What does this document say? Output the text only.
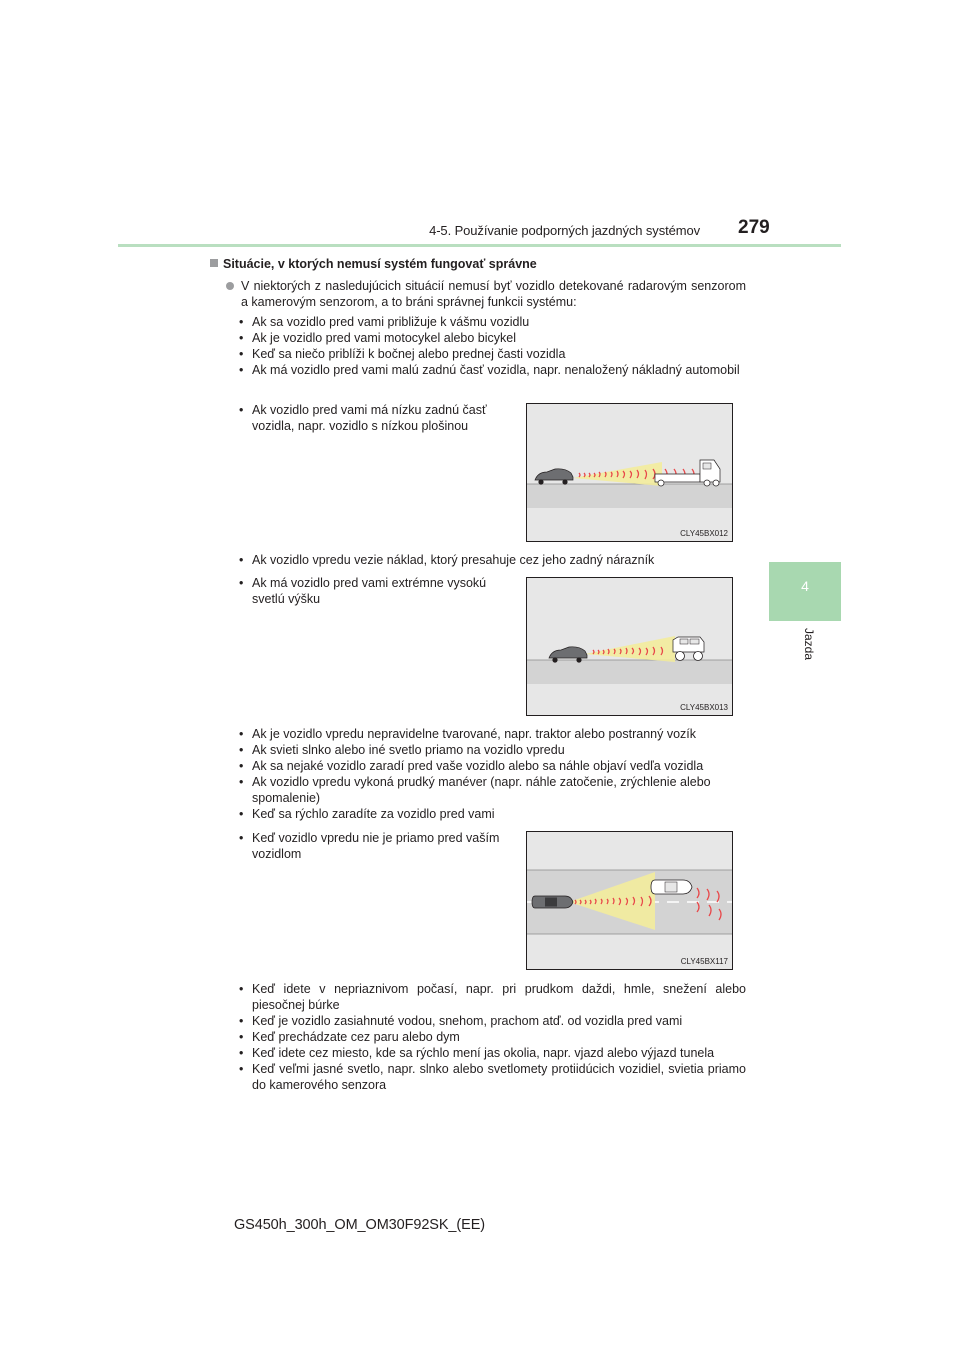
4-5. Používanie podporných jazdných systémov 279
4
Jazda
Situácie, v ktorých nemusí systém fungovať správne

V niektorých z nasledujúcich situácií nemusí byť vozidlo detekované radarovým senzorom a kamerovým senzorom, a to bráni správnej funkcii systému:

• Ak sa vozidlo pred vami približuje k vášmu vozidlu
• Ak je vozidlo pred vami motocykel alebo bicykel
• Keď sa niečo priblíži k bočnej alebo prednej časti vozidla
• Ak má vozidlo pred vami malú zadnú časť vozidla, napr. nenaložený nákladný automobil
• Ak vozidlo pred vami má nízku zadnú časť vozidla, napr. vozidlo s nízkou plošinou
CLY45BX012
• Ak vozidlo vpredu vezie náklad, ktorý presahuje cez jeho zadný nárazník
• Ak má vozidlo pred vami extrémne vysokú svetlú výšku
CLY45BX013
• Ak je vozidlo vpredu nepravidelne tvarované, napr. traktor alebo postranný vozík
• Ak svieti slnko alebo iné svetlo priamo na vozidlo vpredu
• Ak sa nejaké vozidlo zaradí pred vaše vozidlo alebo sa náhle objaví vedľa vozidla
• Ak vozidlo vpredu vykoná prudký manéver (napr. náhle zatočenie, zrýchlenie alebo spomalenie)
• Keď sa rýchlo zaradíte za vozidlo pred vami
• Keď vozidlo vpredu nie je priamo pred vaším vozidlom
CLY45BX117
• Keď idete v nepriaznivom počasí, napr. pri prudkom daždi, hmle, snežení alebo piesočnej búrke
• Keď je vozidlo zasiahnuté vodou, snehom, prachom atď. od vozidla pred vami
• Keď prechádzate cez paru alebo dym
• Keď idete cez miesto, kde sa rýchlo mení jas okolia, napr. vjazd alebo výjazd tunela
• Keď veľmi jasné svetlo, napr. slnko alebo svetlomety protiidúcich vozidiel, svietia priamo do kamerového senzora
GS450h_300h_OM_OM30F92SK_(EE)
